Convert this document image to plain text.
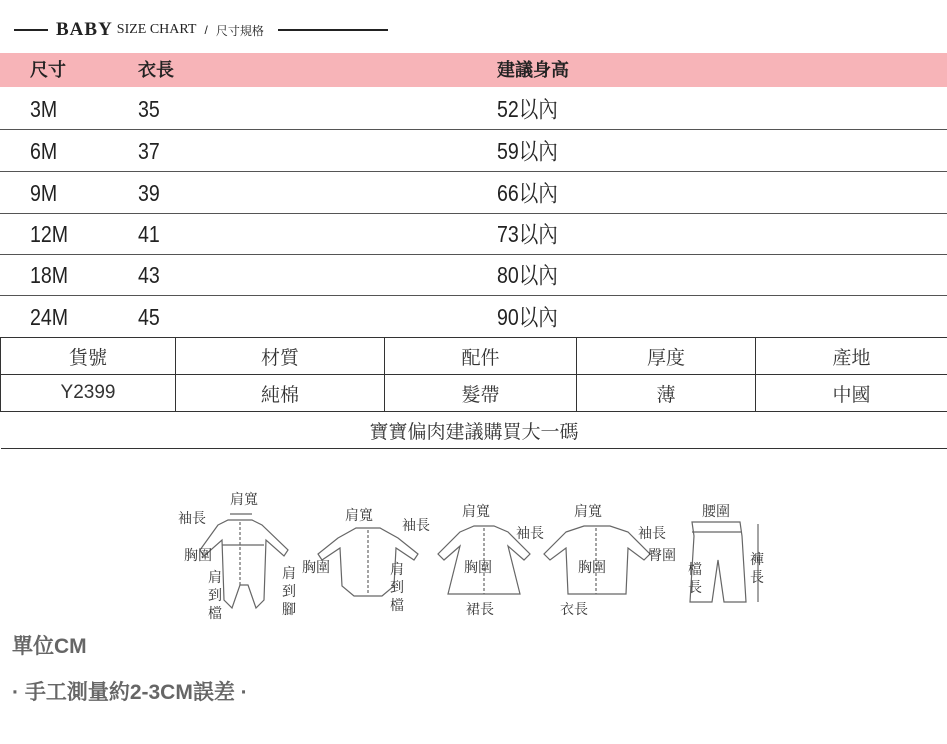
BABY SIZE CHART / 尺寸規格
尺寸	衣長	建議身高
3M	35	52以內
6M	37	59以內
9M	39	66以內
12M	41	73以內
18M	43	80以內
24M	45	90以內
貨號	材質	配件	厚度	產地
Y2399	純棉	髮帶	薄	中國
寶寶偏肉建議購買大一碼				
袖長
肩寬
胸圍
肩
到
檔
肩
到
腳
肩寬
袖長
胸圍	肩
到
檔
肩寬
袖長
胸圍
裙長
肩寬
袖長
胸圍
衣長
腰圍
臀圍
檔
長
褲
長
單位CM
· 手工測量約2-3CM誤差 ·
